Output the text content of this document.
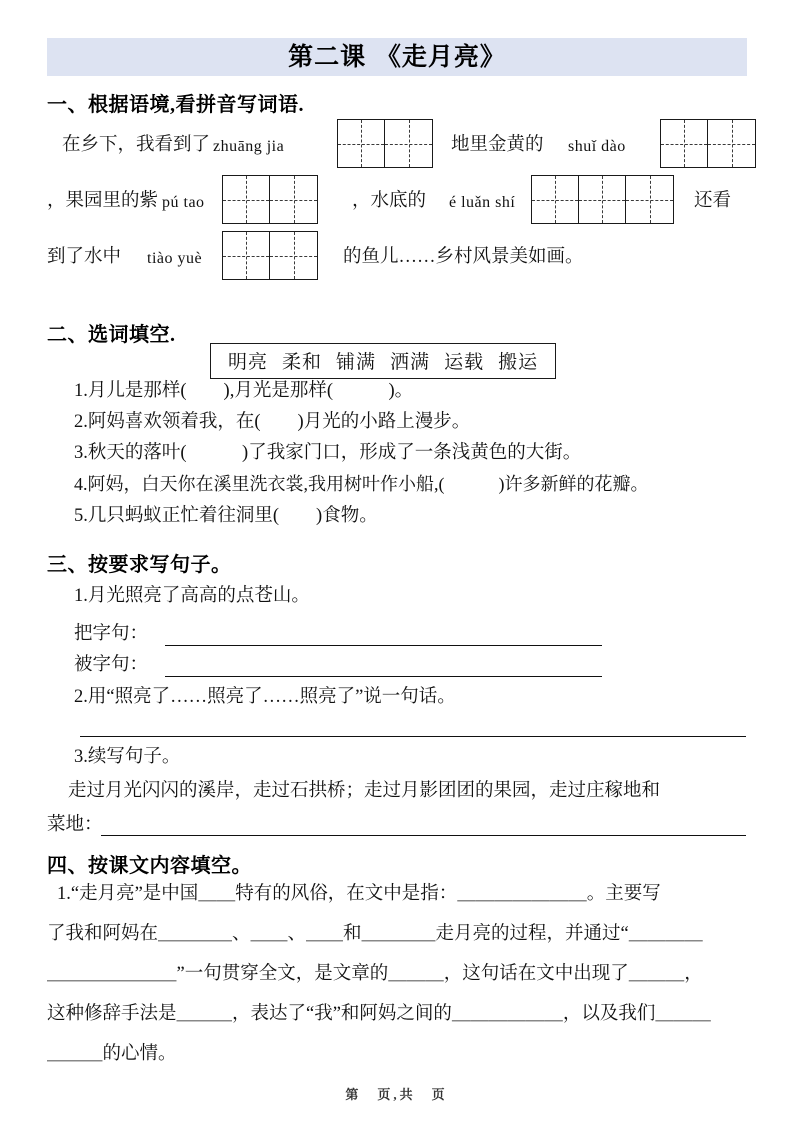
第二课 《走月亮》
一、根据语境,看拼音写词语.
在乡下，我看到了 zhuāng jia	地里金黄的 shuǐ dào
，果园里的紫 pú tao	，水底的 é luǎn shí	还看
到了水中 tiào yuè	的鱼儿……乡村风景美如画。
二、选词填空.
明亮 柔和 铺满 洒满 运载 搬运
1.月儿是那样(　　),月光是那样(　　　)。
2.阿妈喜欢领着我，在(　　)月光的小路上漫步。
3.秋天的落叶(　　　)了我家门口，形成了一条浅黄色的大街。
4.阿妈，白天你在溪里洗衣裳,我用树叶作小船,(　　　)许多新鲜的花瓣。
5.几只蚂蚁正忙着往洞里(　　)食物。
三、按要求写句子。
1.月光照亮了高高的点苍山。
把字句：
被字句：
2.用“照亮了……照亮了……照亮了”说一句话。
3.续写句子。
走过月光闪闪的溪岸，走过石拱桥；走过月影团团的果园，走过庄稼地和
菜地：
四、按课文内容填空。
1.“走月亮”是中国＿＿特有的风俗，在文中是指：＿＿＿＿＿＿＿。主要写
了我和阿妈在＿＿＿＿、＿＿、＿＿和＿＿＿＿走月亮的过程，并通过“＿＿＿＿
＿＿＿＿＿＿＿”一句贯穿全文，是文章的＿＿＿，这句话在文中出现了＿＿＿，
这种修辞手法是＿＿＿，表达了“我”和阿妈之间的＿＿＿＿＿＿，以及我们＿＿＿
＿＿＿的心情。
第　页,共　页
